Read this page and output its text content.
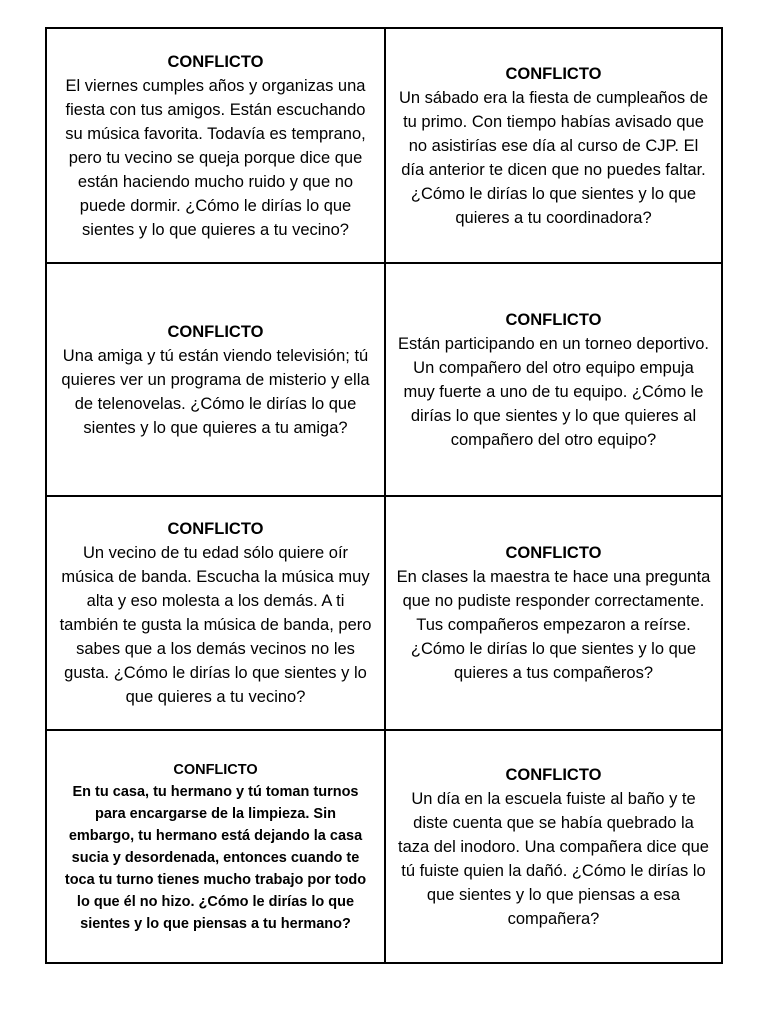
CONFLICTO
El viernes cumples años y organizas una fiesta con tus amigos. Están escuchando su música favorita. Todavía es temprano, pero tu vecino se queja porque dice que están haciendo mucho ruido y que no puede dormir. ¿Cómo le dirías lo que sientes y lo que quieres a tu vecino?
CONFLICTO
Un sábado era la fiesta de cumpleaños de tu primo. Con tiempo habías avisado que no asistirías ese día al curso de CJP. El día anterior te dicen que no puedes faltar. ¿Cómo le dirías lo que sientes y lo que quieres a tu coordinadora?
CONFLICTO
Una amiga y tú están viendo televisión; tú quieres ver un programa de misterio y ella de telenovelas. ¿Cómo le dirías lo que sientes y lo que quieres a tu amiga?
CONFLICTO
Están participando en un torneo deportivo. Un compañero del otro equipo empuja muy fuerte a uno de tu equipo. ¿Cómo le dirías lo que sientes y lo que quieres al compañero del otro equipo?
CONFLICTO
Un vecino de tu edad sólo quiere oír música de banda. Escucha la música muy alta y eso molesta a los demás. A ti también te gusta la música de banda, pero sabes que a los demás vecinos no les gusta. ¿Cómo le dirías lo que sientes y lo que quieres a tu vecino?
CONFLICTO
En clases la maestra te hace una pregunta que no pudiste responder correctamente. Tus compañeros empezaron a reírse. ¿Cómo le dirías lo que sientes y lo que quieres a tus compañeros?
CONFLICTO
En tu casa, tu hermano y tú toman turnos para encargarse de la limpieza. Sin embargo, tu hermano está dejando la casa sucia y desordenada, entonces cuando te toca tu turno tienes mucho trabajo por todo lo que él no hizo. ¿Cómo le dirías lo que sientes y lo que piensas a tu hermano?
CONFLICTO
Un día en la escuela fuiste al baño y te diste cuenta que se había quebrado la taza del inodoro. Una compañera dice que tú fuiste quien la dañó. ¿Cómo le dirías lo que sientes y lo que piensas a esa compañera?
